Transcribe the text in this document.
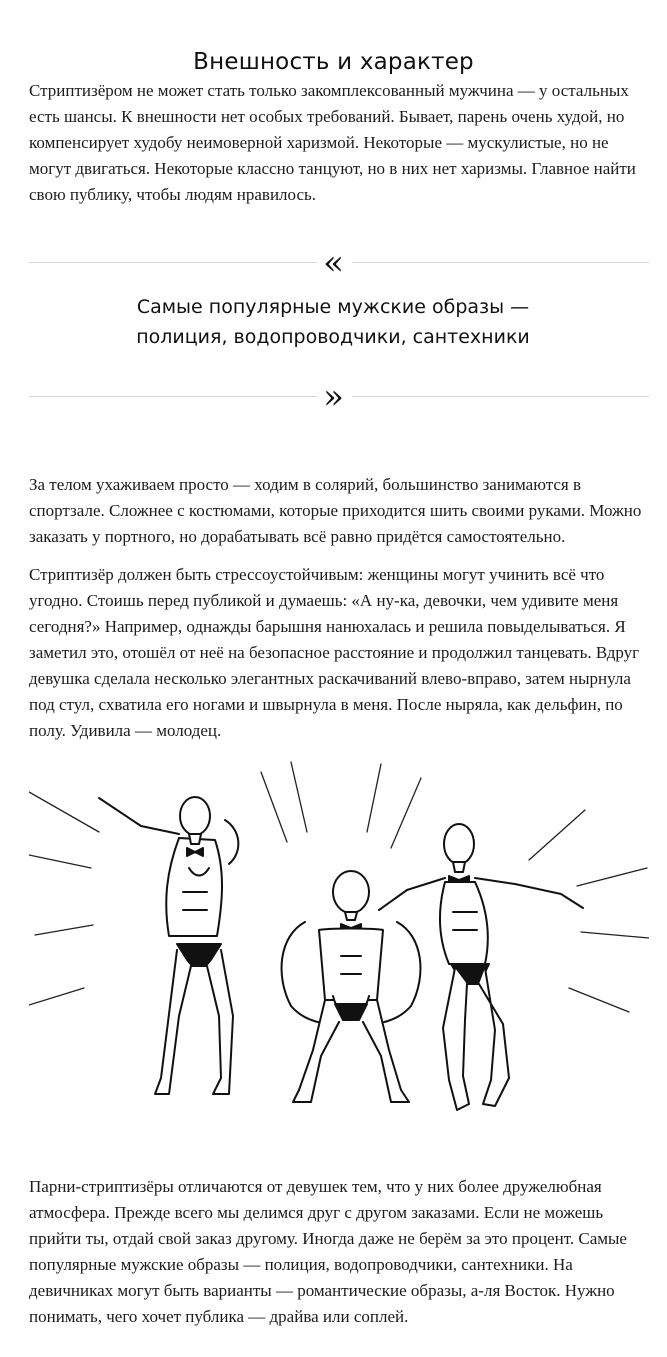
Внешность и характер

Стриптизёром не может стать только закомплексованный мужчина — у остальных есть шансы. К внешности нет особых требований. Бывает, парень очень худой, но компенсирует худобу неимоверной харизмой. Некоторые — мускулистые, но не могут двигаться. Некоторые классно танцуют, но в них нет харизмы. Главное найти свою публику, чтобы людям нравилось.

«
Самые популярные мужские образы —
полиция, водопроводчики, сантехники
»

За телом ухаживаем просто — ходим в солярий, большинство занимаются в спортзале. Сложнее с костюмами, которые приходится шить своими руками. Можно заказать у портного, но дорабатывать всё равно придётся самостоятельно.

Стриптизёр должен быть стрессоустойчивым: женщины могут учинить всё что угодно. Стоишь перед публикой и думаешь: «А ну-ка, девочки, чем удивите меня сегодня?» Например, однажды барышня нанюхалась и решила повыделываться. Я заметил это, отошёл от неё на безопасное расстояние и продолжил танцевать. Вдруг девушка сделала несколько элегантных раскачиваний влево-вправо, затем нырнула под стул, схватила его ногами и швырнула в меня. После ныряла, как дельфин, по полу. Удивила — молодец.

Парни-стриптизёры отличаются от девушек тем, что у них более дружелюбная атмосфера. Прежде всего мы делимся друг с другом заказами. Если не можешь прийти ты, отдай свой заказ другому. Иногда даже не берём за это процент. Самые популярные мужские образы — полиция, водопроводчики, сантехники. На девичниках могут быть варианты — романтические образы, а-ля Восток. Нужно понимать, чего хочет публика — драйва или соплей.
